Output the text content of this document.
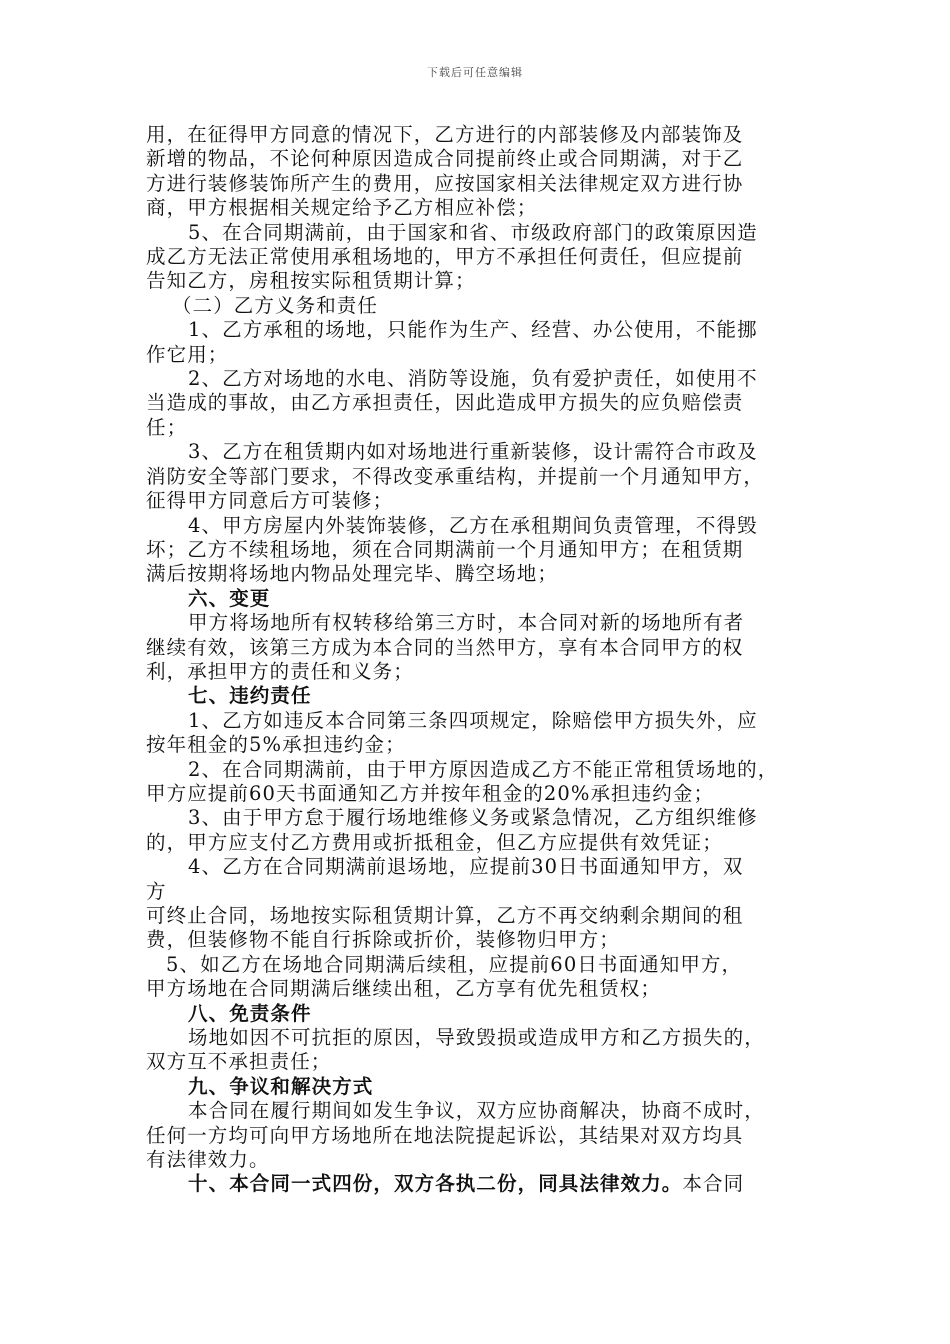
下载后可任意编辑

用，在征得甲方同意的情况下，乙方进行的内部装修及内部装饰及

新增的物品，不论何种原因造成合同提前终止或合同期满，对于乙

方进行装修装饰所产生的费用，应按国家相关法律规定双方进行协

商，甲方根据相关规定给予乙方相应补偿；

5、在合同期满前，由于国家和省、市级政府部门的政策原因造

成乙方无法正常使用承租场地的，甲方不承担任何责任，但应提前

告知乙方，房租按实际租赁期计算；

（二）乙方义务和责任

1、乙方承租的场地，只能作为生产、经营、办公使用，不能挪

作它用；

2、乙方对场地的水电、消防等设施，负有爱护责任，如使用不

当造成的事故，由乙方承担责任，因此造成甲方损失的应负赔偿责

任；

3、乙方在租赁期内如对场地进行重新装修，设计需符合市政及

消防安全等部门要求，不得改变承重结构，并提前一个月通知甲方，

征得甲方同意后方可装修；

4、甲方房屋内外装饰装修，乙方在承租期间负责管理，不得毁

坏；乙方不续租场地，须在合同期满前一个月通知甲方；在租赁期

满后按期将场地内物品处理完毕、腾空场地；

六、变更

甲方将场地所有权转移给第三方时，本合同对新的场地所有者

继续有效，该第三方成为本合同的当然甲方，享有本合同甲方的权

利，承担甲方的责任和义务；

七、违约责任

1、乙方如违反本合同第三条四项规定，除赔偿甲方损失外，应

按年租金的5%承担违约金；

2、在合同期满前，由于甲方原因造成乙方不能正常租赁场地的，

甲方应提前60天书面通知乙方并按年租金的20%承担违约金；

3、由于甲方怠于履行场地维修义务或紧急情况，乙方组织维修

的，甲方应支付乙方费用或折抵租金，但乙方应提供有效凭证；

4、乙方在合同期满前退场地，应提前30日书面通知甲方，双

方

可终止合同，场地按实际租赁期计算，乙方不再交纳剩余期间的租

费，但装修物不能自行拆除或折价，装修物归甲方；

5、如乙方在场地合同期满后续租，应提前60日书面通知甲方，

甲方场地在合同期满后继续出租，乙方享有优先租赁权；

八、免责条件

场地如因不可抗拒的原因，导致毁损或造成甲方和乙方损失的，

双方互不承担责任；

九、争议和解决方式

本合同在履行期间如发生争议，双方应协商解决，协商不成时，

任何一方均可向甲方场地所在地法院提起诉讼，其结果对双方均具

有法律效力。

十、本合同一式四份，双方各执二份，同具法律效力。本合同
